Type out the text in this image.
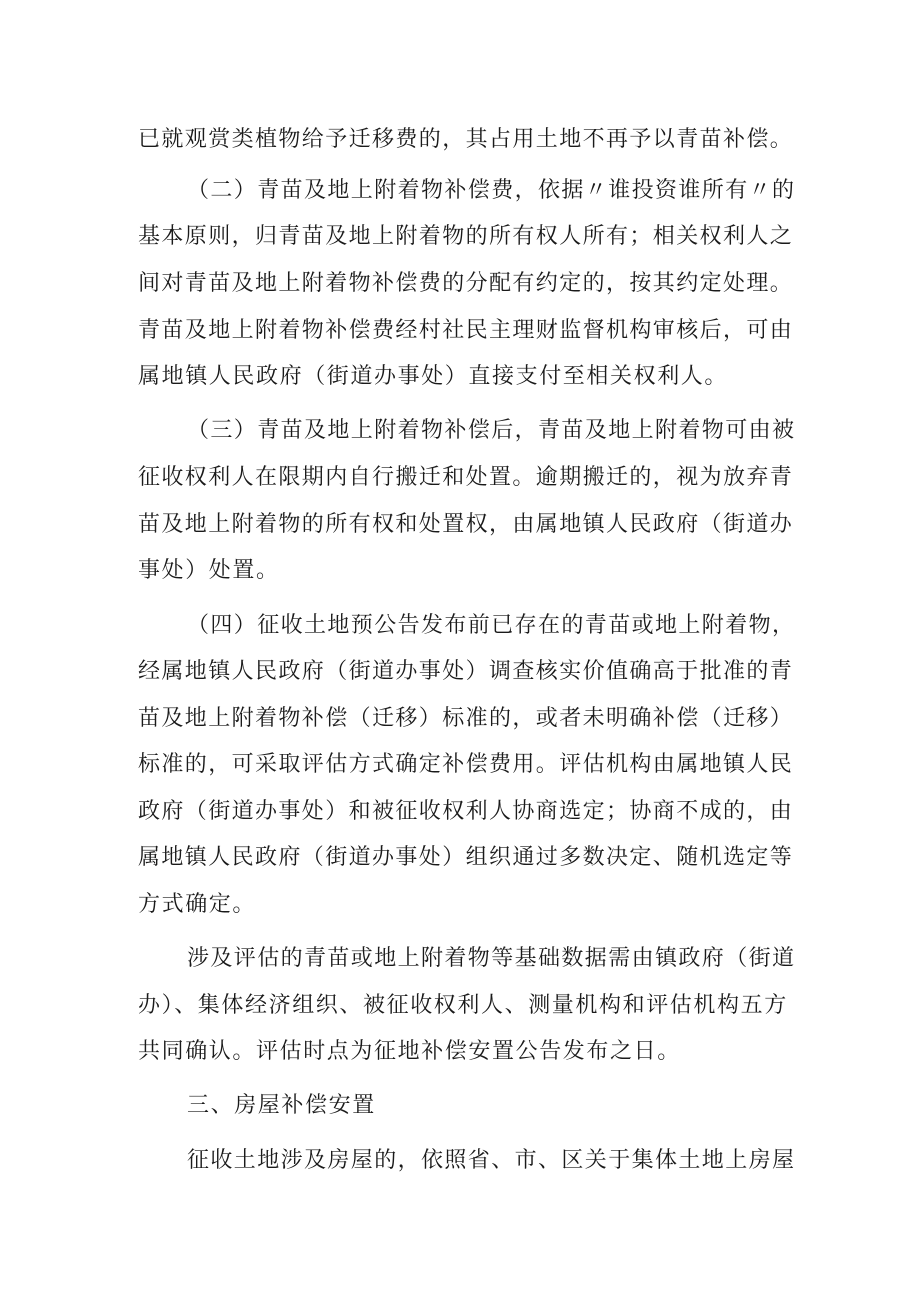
已就观赏类植物给予迁移费的，其占用土地不再予以青苗补偿。
（二）青苗及地上附着物补偿费，依据〃谁投资谁所有〃的
基本原则，归青苗及地上附着物的所有权人所有；相关权利人之
间对青苗及地上附着物补偿费的分配有约定的，按其约定处理。
青苗及地上附着物补偿费经村社民主理财监督机构审核后，可由
属地镇人民政府（街道办事处）直接支付至相关权利人。
（三）青苗及地上附着物补偿后，青苗及地上附着物可由被
征收权利人在限期内自行搬迁和处置。逾期搬迁的，视为放弃青
苗及地上附着物的所有权和处置权，由属地镇人民政府（街道办
事处）处置。
（四）征收土地预公告发布前已存在的青苗或地上附着物，
经属地镇人民政府（街道办事处）调查核实价值确高于批准的青
苗及地上附着物补偿（迁移）标准的，或者未明确补偿（迁移）
标准的，可采取评估方式确定补偿费用。评估机构由属地镇人民
政府（街道办事处）和被征收权利人协商选定；协商不成的，由
属地镇人民政府（街道办事处）组织通过多数决定、随机选定等
方式确定。
涉及评估的青苗或地上附着物等基础数据需由镇政府（街道
办）、集体经济组织、被征收权利人、测量机构和评估机构五方
共同确认。评估时点为征地补偿安置公告发布之日。
三、房屋补偿安置
征收土地涉及房屋的，依照省、市、区关于集体土地上房屋
